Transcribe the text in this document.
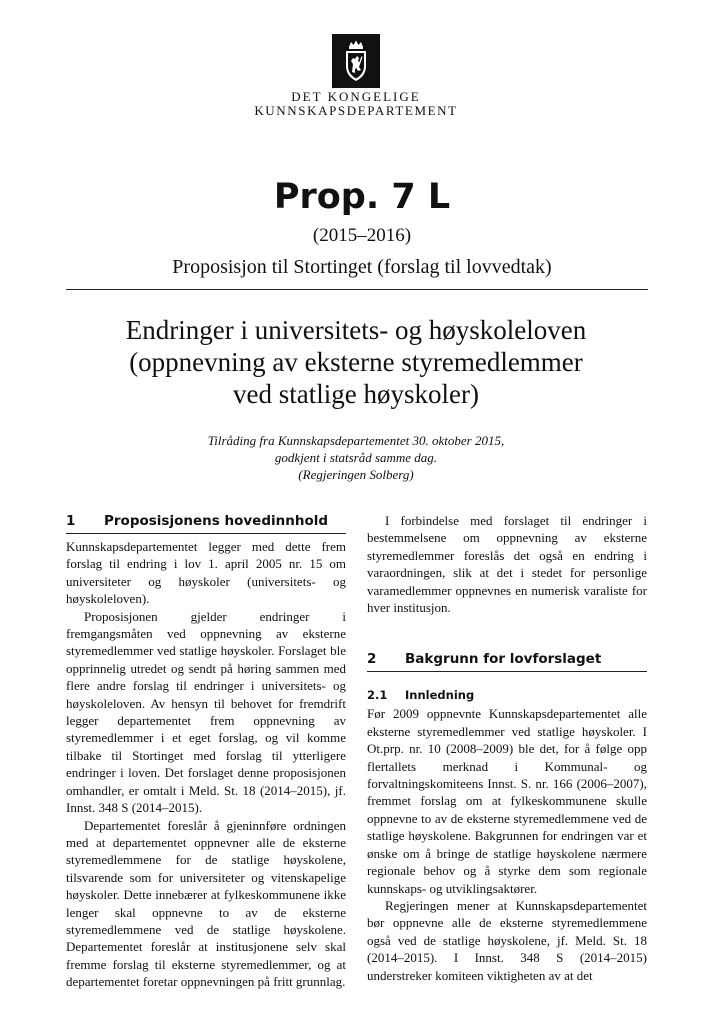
DET KONGELIGE
KUNNSKAPSDEPARTEMENT
Prop. 7 L
(2015–2016)
Proposisjon til Stortinget (forslag til lovvedtak)
Endringer i universitets- og høyskoleloven
(oppnevning av eksterne styremedlemmer
ved statlige høyskoler)
Tilråding fra Kunnskapsdepartementet 30. oktober 2015,
godkjent i statsråd samme dag.
(Regjeringen Solberg)
1 Proposisjonens hovedinnhold

Kunnskapsdepartementet legger med dette frem forslag til endring i lov 1. april 2005 nr. 15 om universiteter og høyskoler (universitets- og høyskoleloven).

Proposisjonen gjelder endringer i fremgangsmåten ved oppnevning av eksterne styremedlemmer ved statlige høyskoler. Forslaget ble opprinnelig utredet og sendt på høring sammen med flere andre forslag til endringer i universitets- og høyskoleloven. Av hensyn til behovet for fremdrift legger departementet frem oppnevning av styremedlemmer i et eget forslag, og vil komme tilbake til Stortinget med forslag til ytterligere endringer i loven. Det forslaget denne proposisjonen omhandler, er omtalt i Meld. St. 18 (2014–2015), jf. Innst. 348 S (2014–2015).

Departementet foreslår å gjeninnføre ordningen med at departementet oppnevner alle de eksterne styremedlemmene for de statlige høyskolene, tilsvarende som for universiteter og vitenskapelige høyskoler. Dette innebærer at fylkeskommunene ikke lenger skal oppnevne to av de eksterne styremedlemmene ved de statlige høyskolene. Departementet foreslår at institusjonene selv skal fremme forslag til eksterne styremedlemmer, og at departementet foretar oppnevningen på fritt grunnlag.

I forbindelse med forslaget til endringer i bestemmelsene om oppnevning av eksterne styremedlemmer foreslås det også en endring i varaordningen, slik at det i stedet for personlige varamedlemmer oppnevnes en numerisk varaliste for hver institusjon.

2 Bakgrunn for lovforslaget
2.1 Innledning

Før 2009 oppnevnte Kunnskapsdepartementet alle eksterne styremedlemmer ved statlige høyskoler. I Ot.prp. nr. 10 (2008–2009) ble det, for å følge opp flertallets merknad i Kommunal- og forvaltningskomiteens Innst. S. nr. 166 (2006–2007), fremmet forslag om at fylkeskommunene skulle oppnevne to av de eksterne styremedlemmene ved de statlige høyskolene. Bakgrunnen for endringen var et ønske om å bringe de statlige høyskolene nærmere regionale behov og å styrke dem som regionale kunnskaps- og utviklingsaktører.

Regjeringen mener at Kunnskapsdepartementet bør oppnevne alle de eksterne styremedlemmene også ved de statlige høyskolene, jf. Meld. St. 18 (2014–2015). I Innst. 348 S (2014–2015) understreker komiteen viktigheten av at det
